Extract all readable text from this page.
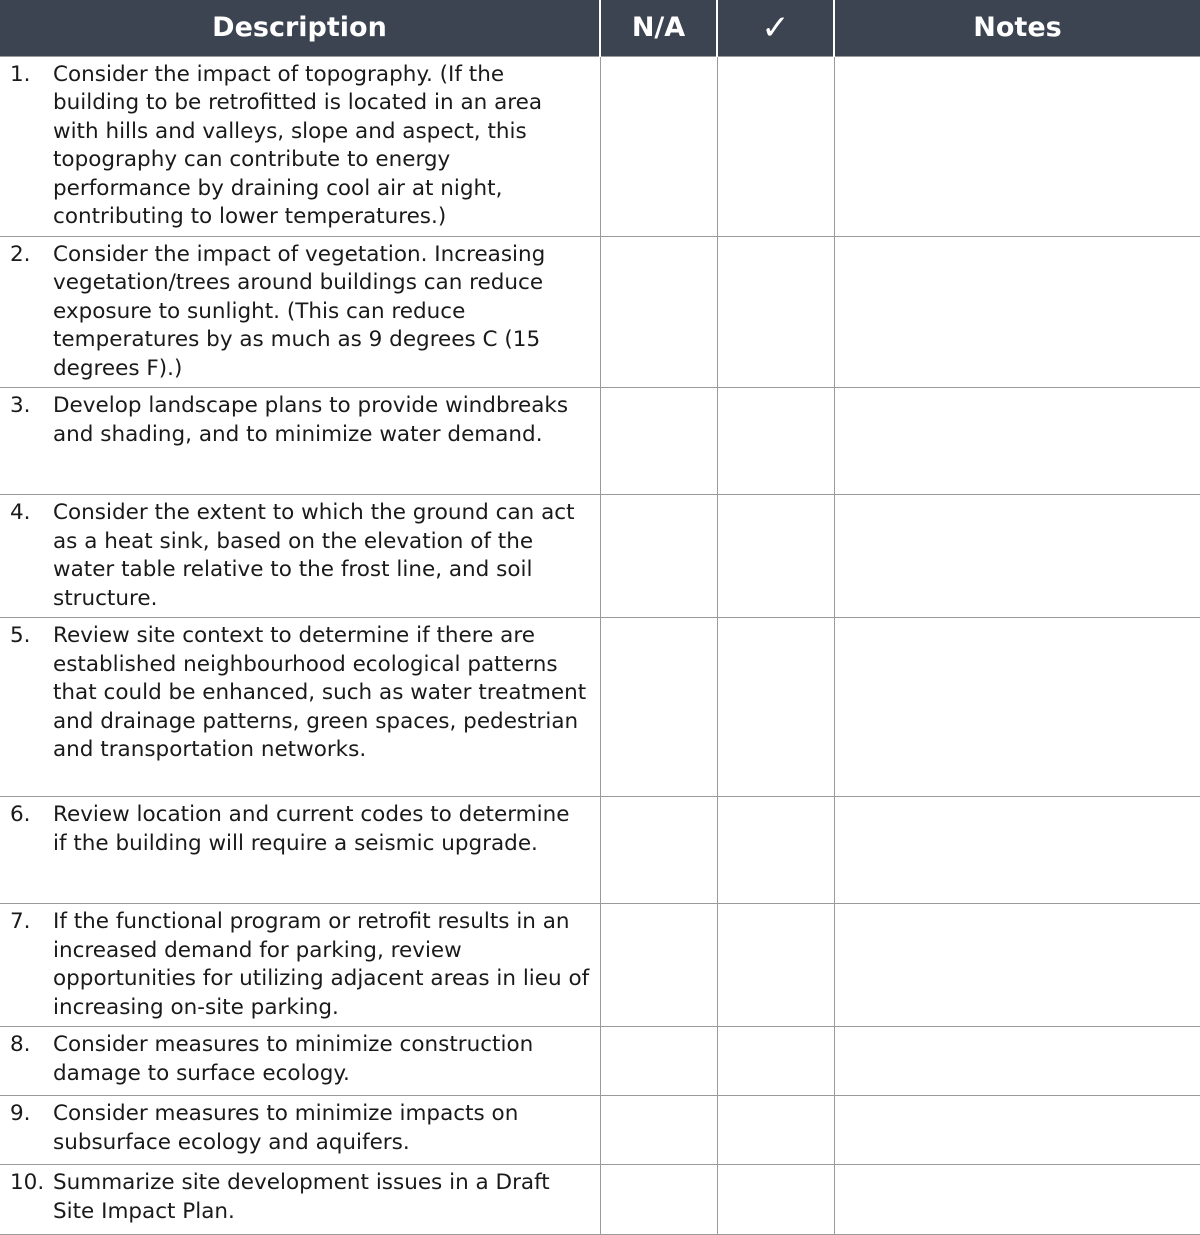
Description	N/A	✓	Notes

1. Consider the impact of topography. (If the building to be retrofitted is located in an area with hills and valleys, slope and aspect, this topography can contribute to energy performance by draining cool air at night, contributing to lower temperatures.)			

2. Consider the impact of vegetation. Increasing vegetation/trees around buildings can reduce exposure to sunlight. (This can reduce temperatures by as much as 9 degrees C (15 degrees F).)			

3. Develop landscape plans to provide windbreaks and shading, and to minimize water demand.			

4. Consider the extent to which the ground can act as a heat sink, based on the elevation of the water table relative to the frost line, and soil structure.			

5. Review site context to determine if there are established neighbourhood ecological patterns that could be enhanced, such as water treatment and drainage patterns, green spaces, pedestrian and transportation networks.			

6. Review location and current codes to determine if the building will require a seismic upgrade.			

7. If the functional program or retrofit results in an increased demand for parking, review opportunities for utilizing adjacent areas in lieu of increasing on-site parking.			

8. Consider measures to minimize construction damage to surface ecology.			

9. Consider measures to minimize impacts on subsurface ecology and aquifers.			

10. Summarize site development issues in a Draft Site Impact Plan.			
